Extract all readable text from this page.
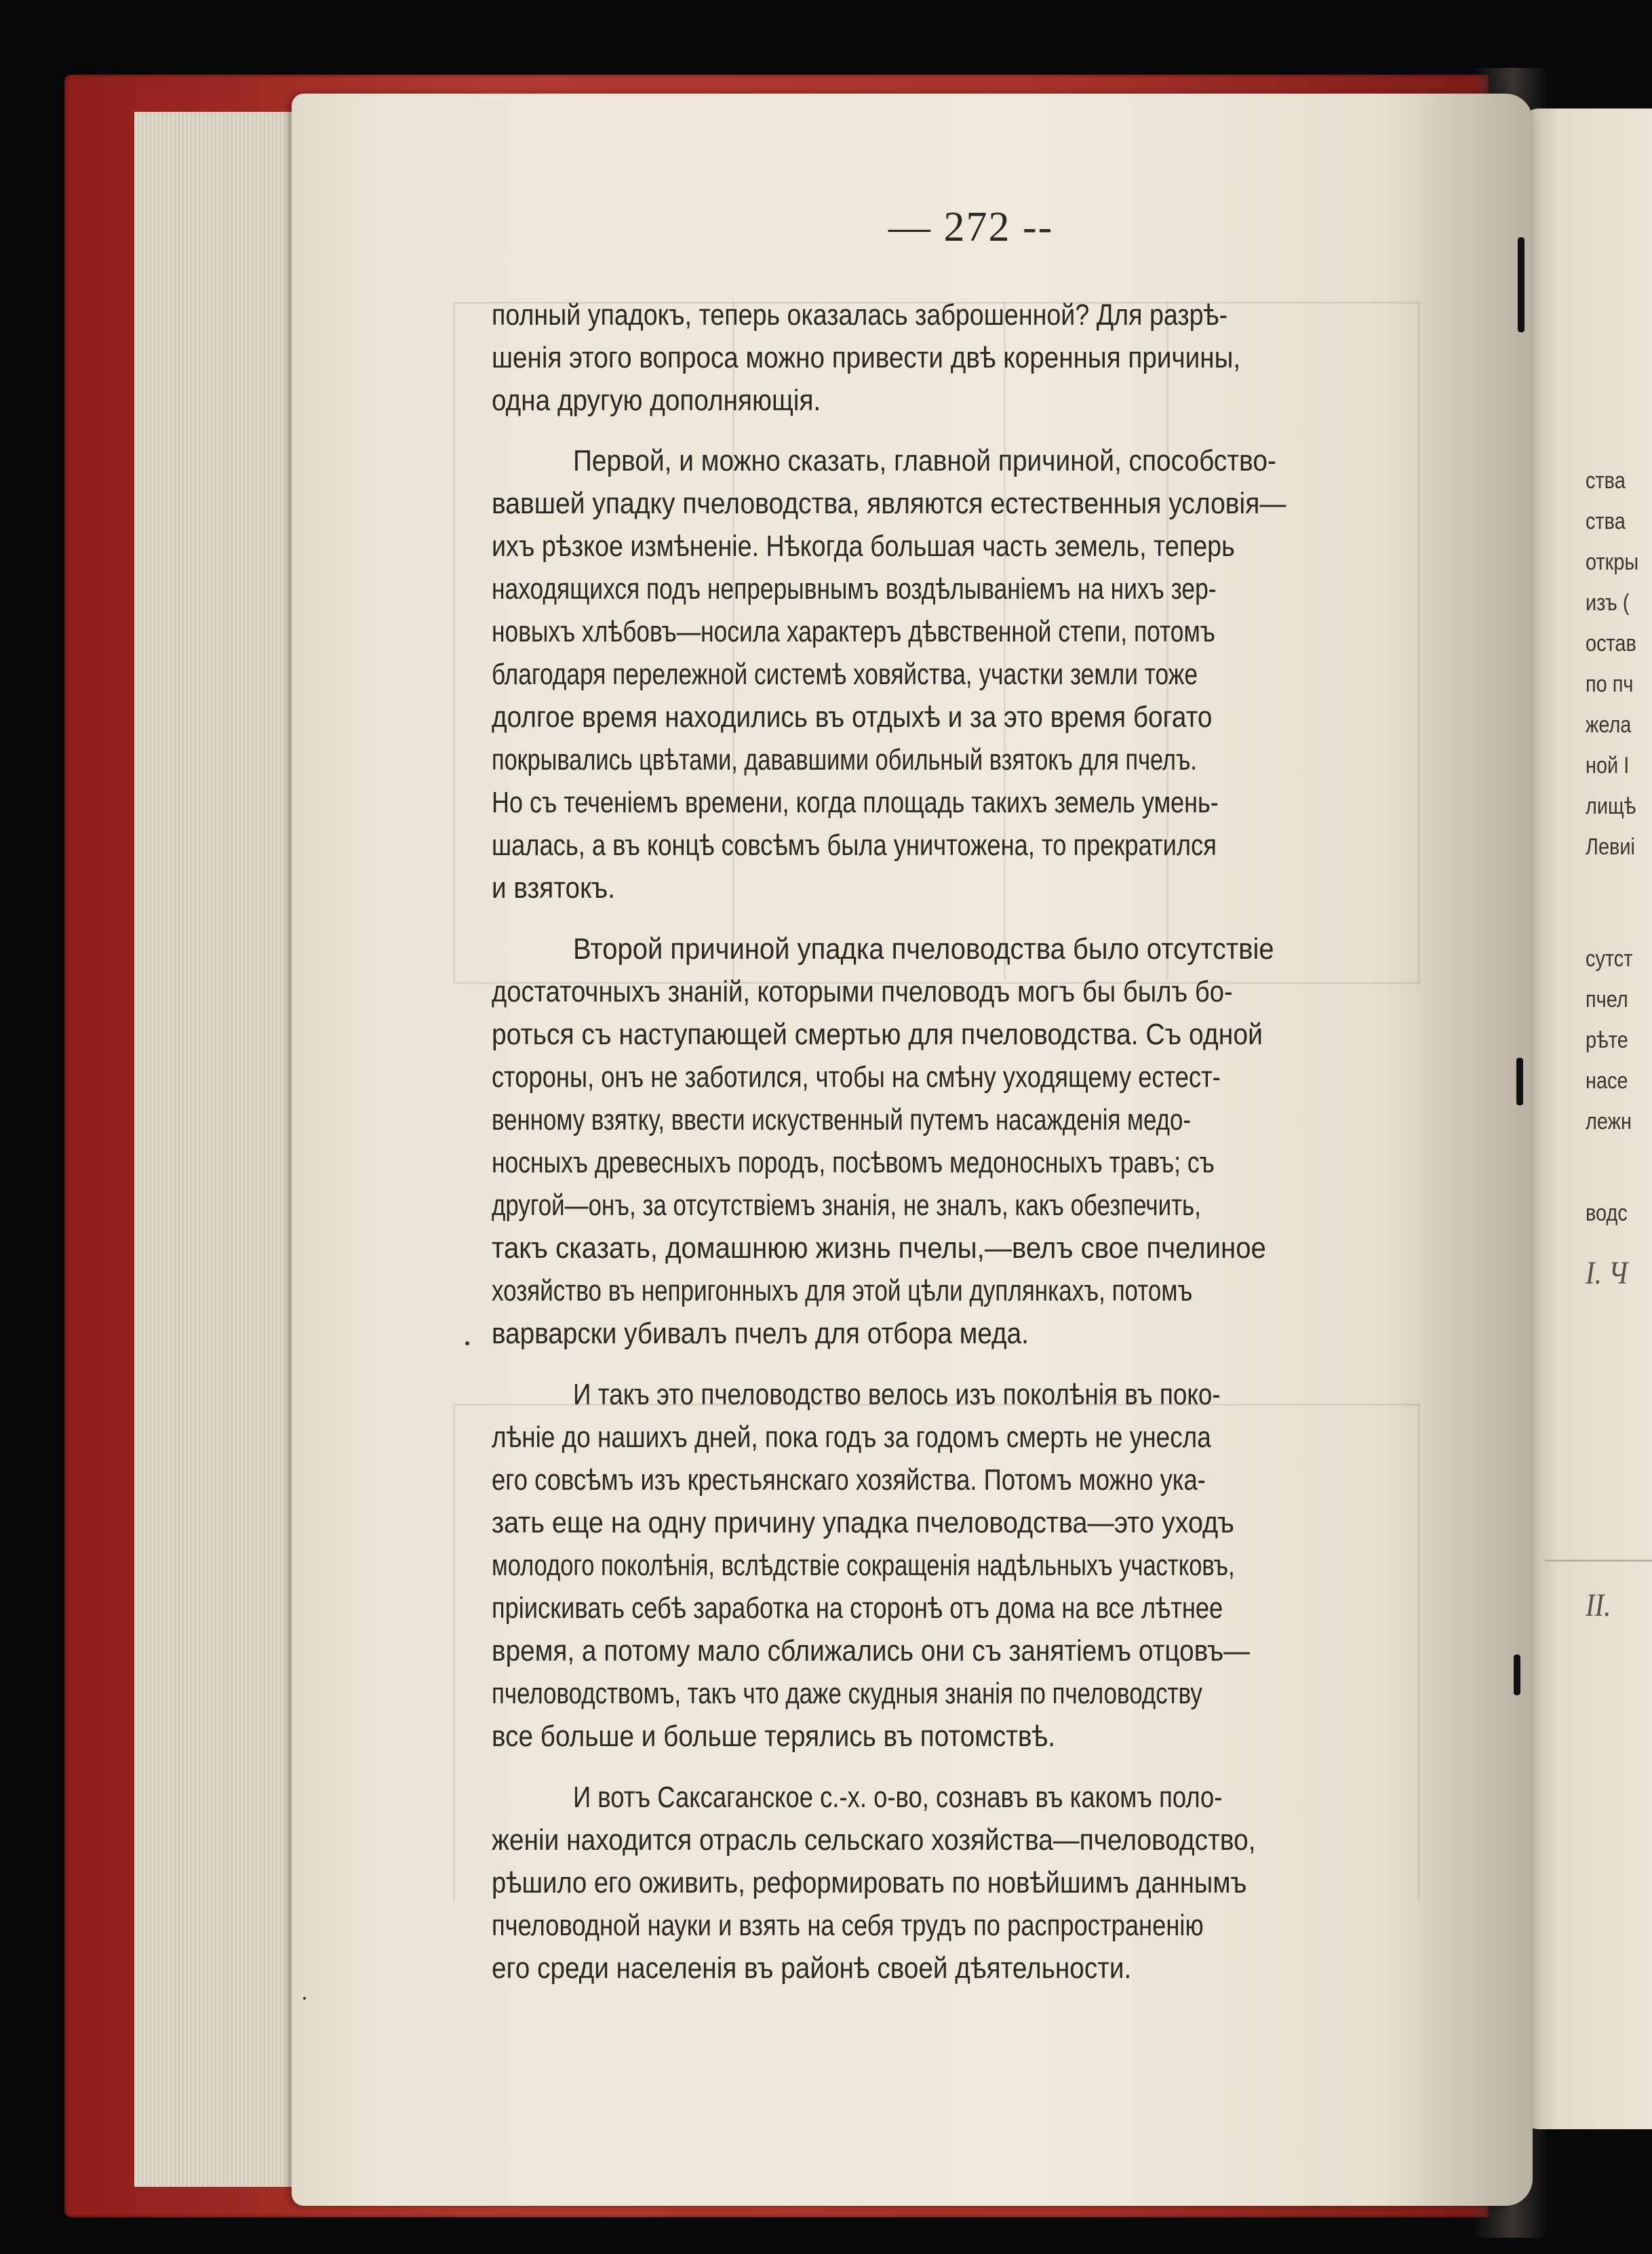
ства
ства
откры
изъ (
остав
по пч
жела
ной I
лищѣ
Левиі
сутст
пчел
рѣте
насе
лежн
водс
I. Ч
II.
— 272 --
полный упадокъ, теперь оказалась заброшенной? Для разрѣ-
шенія этого вопроса можно привести двѣ коренныя причины,
одна другую дополняющія.
Первой, и можно сказать, главной причиной, способство-
вавшей упадку пчеловодства, являются естественныя условія—
ихъ рѣзкое измѣненіе. Нѣкогда большая часть земель, теперь
находящихся подъ непрерывнымъ воздѣлываніемъ на нихъ зер-
новыхъ хлѣбовъ—носила характеръ дѣвственной степи, потомъ
благодаря перележной системѣ ховяйства, участки земли тоже
долгое время находились въ отдыхѣ и за это время богато
покрывались цвѣтами, дававшими обильный взятокъ для пчелъ.
Но съ теченіемъ времени, когда площадь такихъ земель умень-
шалась, а въ концѣ совсѣмъ была уничтожена, то прекратился
и взятокъ.
Второй причиной упадка пчеловодства было отсутствіе
достаточныхъ знаній, которыми пчеловодъ могъ бы былъ бо-
роться съ наступающей смертью для пчеловодства. Съ одной
стороны, онъ не заботился, чтобы на смѣну уходящему естест-
венному взятку, ввести искуственный путемъ насажденія медо-
носныхъ древесныхъ породъ, посѣвомъ медоносныхъ травъ; съ
другой—онъ, за отсутствіемъ знанія, не зналъ, какъ обезпечить,
такъ сказать, домашнюю жизнь пчелы,—велъ свое пчелиное
хозяйство въ непригонныхъ для этой цѣли дуплянкахъ, потомъ
варварски убивалъ пчелъ для отбора меда.
И такъ это пчеловодство велось изъ поколѣнія въ поко-
лѣніе до нашихъ дней, пока годъ за годомъ смерть не унесла
его совсѣмъ изъ крестьянскаго хозяйства. Потомъ можно ука-
зать еще на одну причину упадка пчеловодства—это уходъ
молодого поколѣнія, вслѣдствіе сокращенія надѣльныхъ участковъ,
пріискивать себѣ заработка на сторонѣ отъ дома на все лѣтнее
время, а потому мало сближались они съ занятіемъ отцовъ—
пчеловодствомъ, такъ что даже скудныя знанія по пчеловодству
все больше и больше терялись въ потомствѣ.
И вотъ Саксаганское с.-х. о-во, сознавъ въ какомъ поло-
женіи находится отрасль сельскаго хозяйства—пчеловодство,
рѣшило его оживить, реформировать по новѣйшимъ даннымъ
пчеловодной науки и взять на себя трудъ по распространенію
его среди населенія въ районѣ своей дѣятельности.
